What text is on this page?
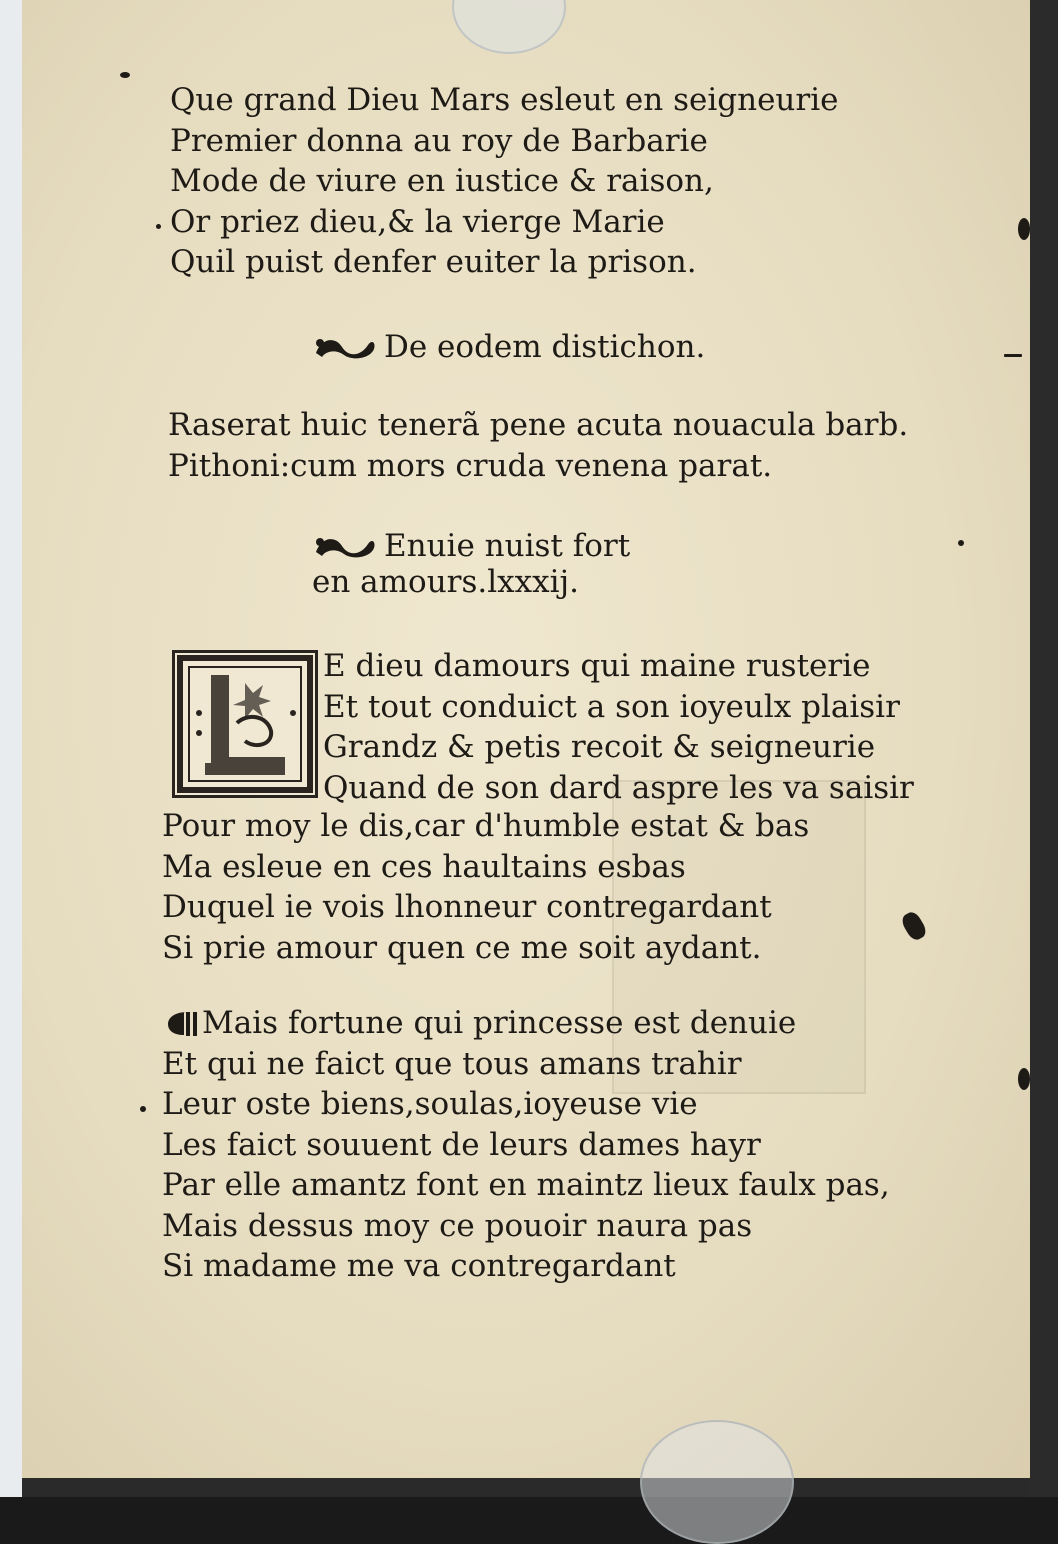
Que grand Dieu Mars esleut en seigneurie
Premier donna au roy de Barbarie
Mode de viure en iustice & raison,
Or priez dieu,& la vierge Marie
Quil puist denfer euiter la prison.
De eodem distichon.
Raserat huic tenerã pene acuta nouacula barb.
Pithoni:cum mors cruda venena parat.
Enuie nuist fort
en amours.lxxxij.
E dieu damours qui maine rusterie
Et tout conduict a son ioyeulx plaisir
Grandz & petis recoit & seigneurie
Quand de son dard aspre les va saisir
Pour moy le dis,car d'humble estat & bas
Ma esleue en ces haultains esbas
Duquel ie vois lhonneur contregardant
Si prie amour quen ce me soit aydant.
Mais fortune qui princesse est denuie
Et qui ne faict que tous amans trahir
Leur oste biens,soulas,ioyeuse vie
Les faict souuent de leurs dames hayr
Par elle amantz font en maintz lieux faulx pas,
Mais dessus moy ce pouoir naura pas
Si madame me va contregardant
